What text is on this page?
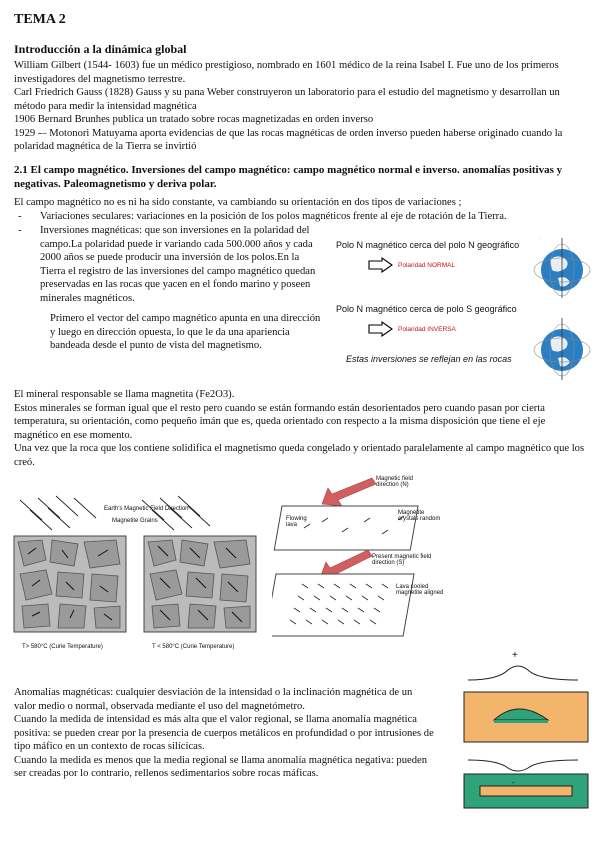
TEMA 2
Introducción a la dinámica global

William Gilbert (1544- 1603) fue un médico prestigioso, nombrado en 1601 médico de la reina Isabel I. Fue uno de los primeros investigadores del magnetismo terrestre.

Carl Friedrich Gauss (1828) Gauss y su pana Weber construyeron un laboratorio para el estudio del magnetismo y desarrollan un método para medir la intensidad magnética

1906 Bernard Brunhes publica un tratado sobre rocas magnetizadas en orden inverso

1929 -– Motonori Matuyama aporta evidencias de que las rocas magnéticas de orden inverso pueden haberse originado cuando la polaridad magnética de la Tierra se invirtió

2.1 El campo magnético. Inversiones del campo magnético: campo magnético normal e inverso. anomalías positivas y negativas. Paleomagnetismo y deriva polar.
El campo magnético no es ni ha sido constante, va cambiando su orientación en dos tipos de variaciones ;
-	Variaciones seculares: variaciones en la posición de los polos magnéticos frente al eje de rotación de la Tierra.
-	Inversiones magnéticas: que son inversiones en la polaridad del campo.La polaridad puede ir variando cada 500.000 años y cada 2000 años se puede producir una inversión de los polos.En la Tierra el registro de las inversiones del campo magnético quedan preservadas en las rocas que yacen en el fondo marino y poseen minerales magnéticos.
Primero el vector del campo magnético apunta en una dirección y luego en dirección opuesta, lo que le da una apariencia bandeada desde el punto de vista del magnetismo.
Polo N magnético cerca del polo N geográfico
Polaridad NORMAL
Polo N magnético cerca de polo S geográfico
Polaridad INVERSA
Estas inversiones se reflejan en las rocas
·

El mineral responsable se llama magnetita (Fe2O3).

Estos minerales se forman igual que el resto pero cuando se están formando están desorientados pero cuando pasan por cierta temperatura, su orientación, como pequeño imán que es, queda orientado con respecto a la misma disposición que tiene el eje magnético en ese momento.

Una vez que la roca que los contiene solidifica el magnetismo queda congelado y orientado paralelamente al campo magnético que los creó.

Earth's Magnetic Field Direction
Magnetite Grains
T> 580°C (Curie Temperature)	T < 580°C (Curie Temperature)
Magnetic field direction (N)
Flowing lava
Magnetite crystals random
Present magnetic field direction (S)
Lava cooled magnetite aligned

Anomalías magnéticas: cualquier desviación de la intensidad o la inclinación magnética de un valor medio o normal, observada mediante el uso del magnetómetro.

Cuando la medida de intensidad es más alta que el valor regional, se llama anomalía magnética positiva: se pueden crear por la presencia de cuerpos metálicos en profundidad o por intrusiones de tipo máfico en un contexto de rocas silícicas.

Cuando la medida es menos que la media regional se llama anomalía magnética negativa: pueden ser creadas por lo contrario, rellenos sedimentarios sobre rocas máficas.

+
-
